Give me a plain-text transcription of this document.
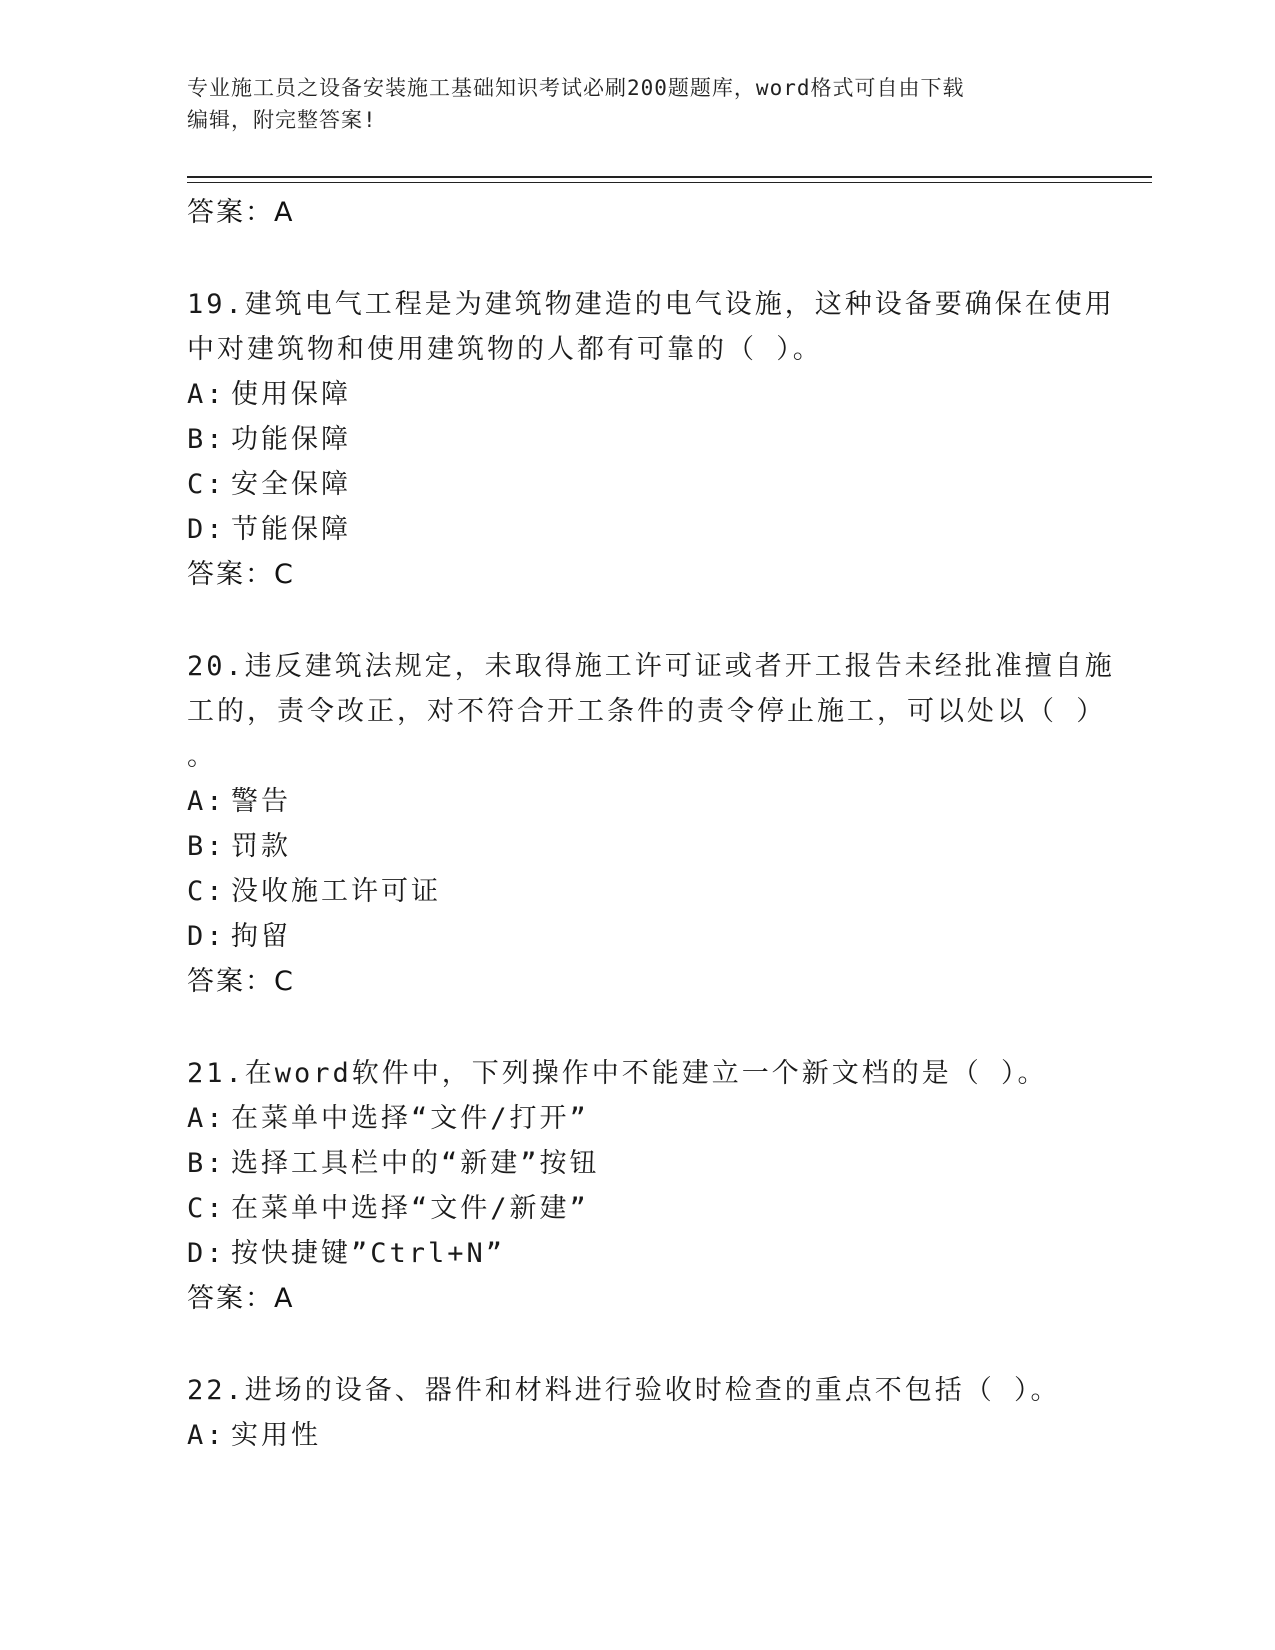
专业施工员之设备安装施工基础知识考试必刷200题题库，word格式可自由下载
编辑，附完整答案!
答案：A
19.建筑电气工程是为建筑物建造的电气设施，这种设备要确保在使用
中对建筑物和使用建筑物的人都有可靠的（ ）。
A: 使用保障
B: 功能保障
C: 安全保障
D: 节能保障
答案：C
20.违反建筑法规定，未取得施工许可证或者开工报告未经批准擅自施
工的，责令改正，对不符合开工条件的责令停止施工，可以处以（ ）
。
A: 警告
B: 罚款
C: 没收施工许可证
D: 拘留
答案：C
21.在word软件中，下列操作中不能建立一个新文档的是（ ）。
A: 在菜单中选择“文件/打开”
B: 选择工具栏中的“新建”按钮
C: 在菜单中选择“文件/新建”
D: 按快捷键”Ctrl+N”
答案：A
22.进场的设备、器件和材料进行验收时检查的重点不包括（ ）。
A: 实用性
